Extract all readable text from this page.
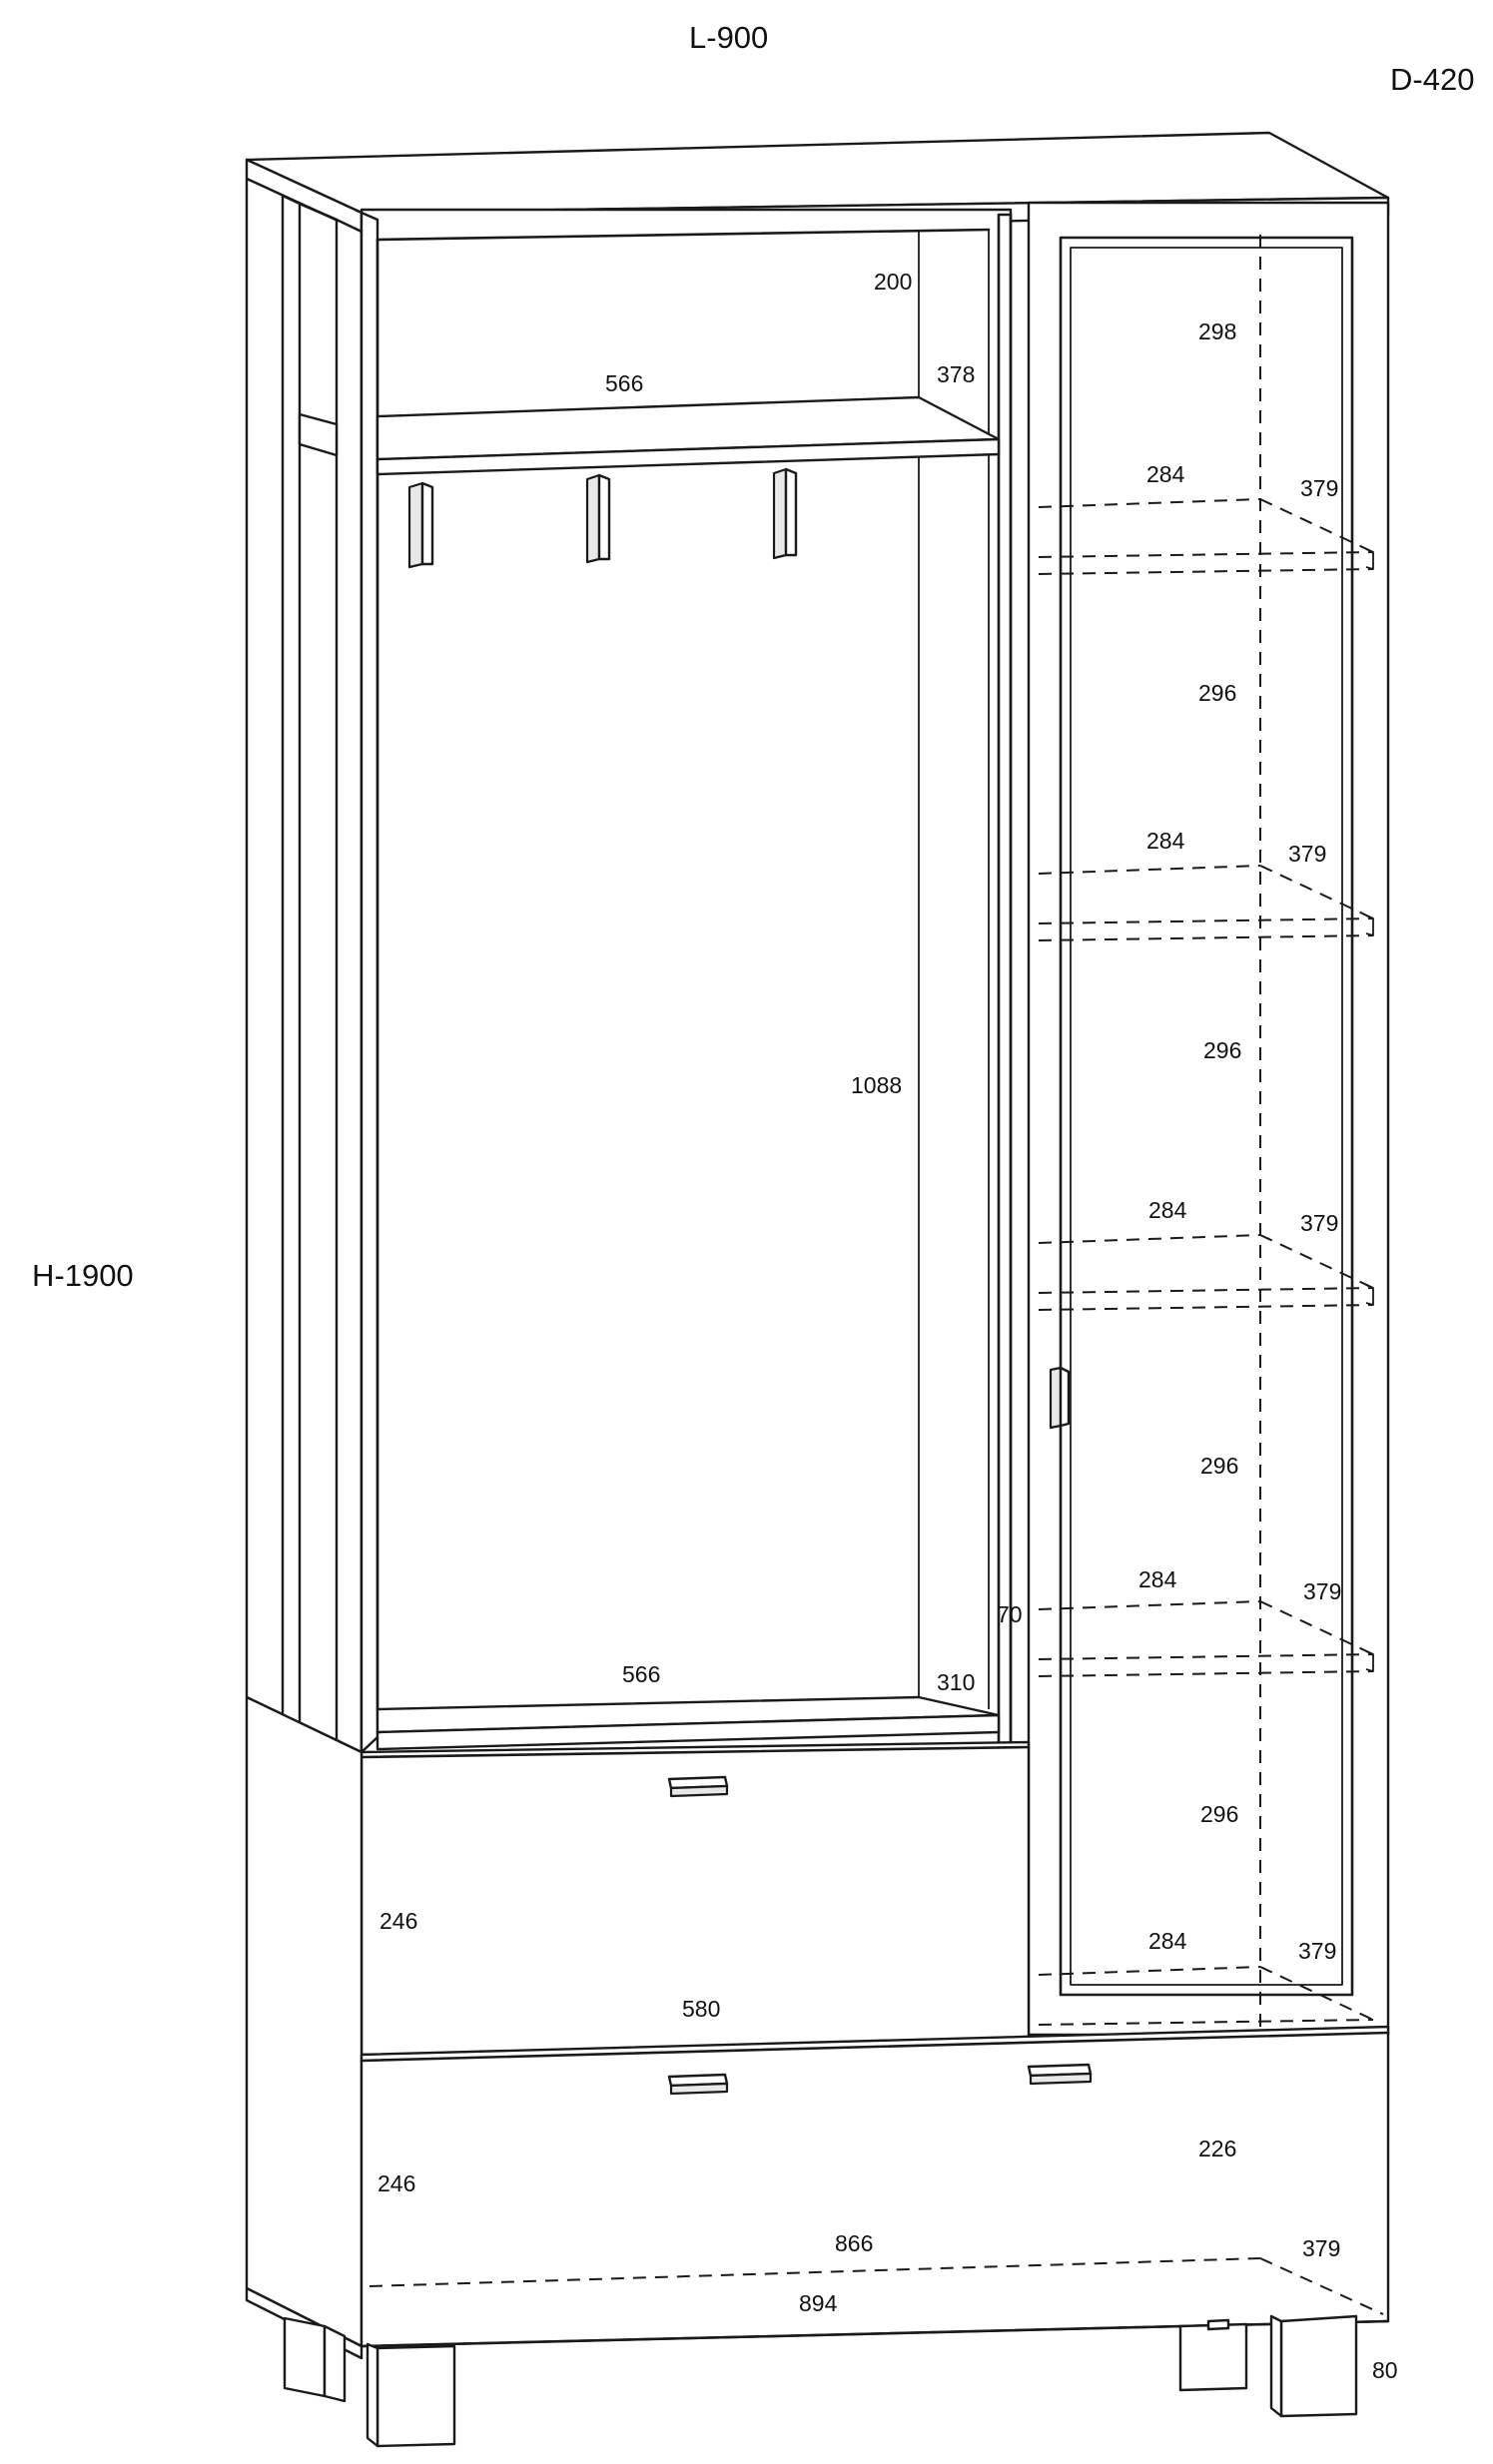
L-900
D-420
H-1900
200
566	378
1088
566	310
298
296
296
296
296
70
284
379
284	379
284	379
284	379
284	379
246
580
246
226
866	379
894
80
